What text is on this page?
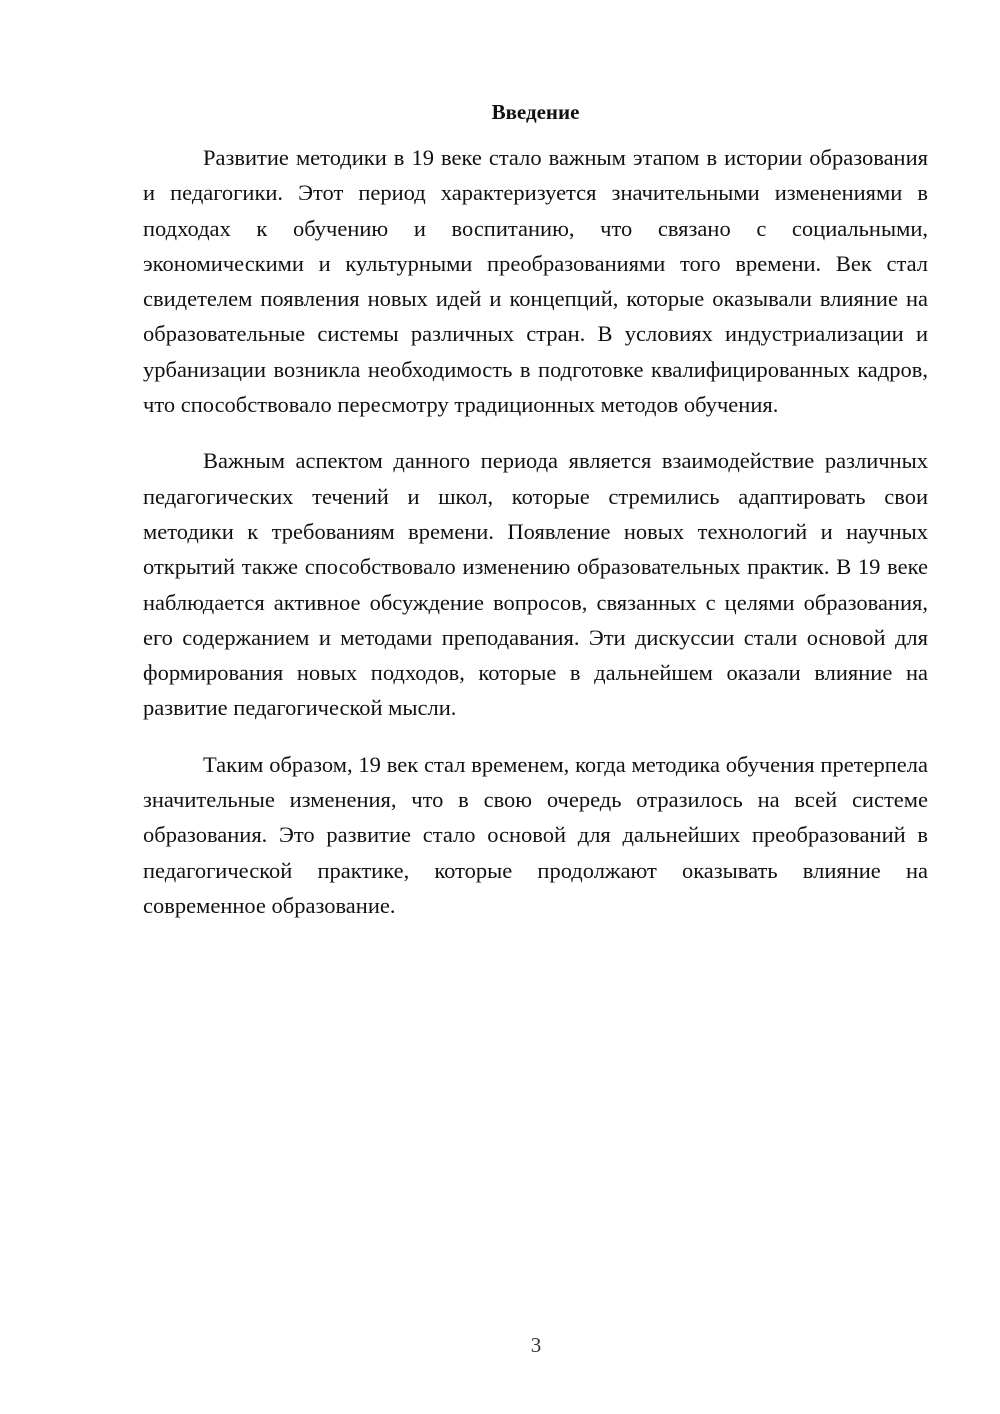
Введение

Развитие методики в 19 веке стало важным этапом в истории образования и педагогики. Этот период характеризуется значительными изменениями в подходах к обучению и воспитанию, что связано с социальными, экономическими и культурными преобразованиями того времени. Век стал свидетелем появления новых идей и концепций, которые оказывали влияние на образовательные системы различных стран. В условиях индустриализации и урбанизации возникла необходимость в подготовке квалифицированных кадров, что способствовало пересмотру традиционных методов обучения.

Важным аспектом данного периода является взаимодействие различных педагогических течений и школ, которые стремились адаптировать свои методики к требованиям времени. Появление новых технологий и научных открытий также способствовало изменению образовательных практик. В 19 веке наблюдается активное обсуждение вопросов, связанных с целями образования, его содержанием и методами преподавания. Эти дискуссии стали основой для формирования новых подходов, которые в дальнейшем оказали влияние на развитие педагогической мысли.

Таким образом, 19 век стал временем, когда методика обучения претерпела значительные изменения, что в свою очередь отразилось на всей системе образования. Это развитие стало основой для дальнейших преобразований в педагогической практике, которые продолжают оказывать влияние на современное образование.

3
